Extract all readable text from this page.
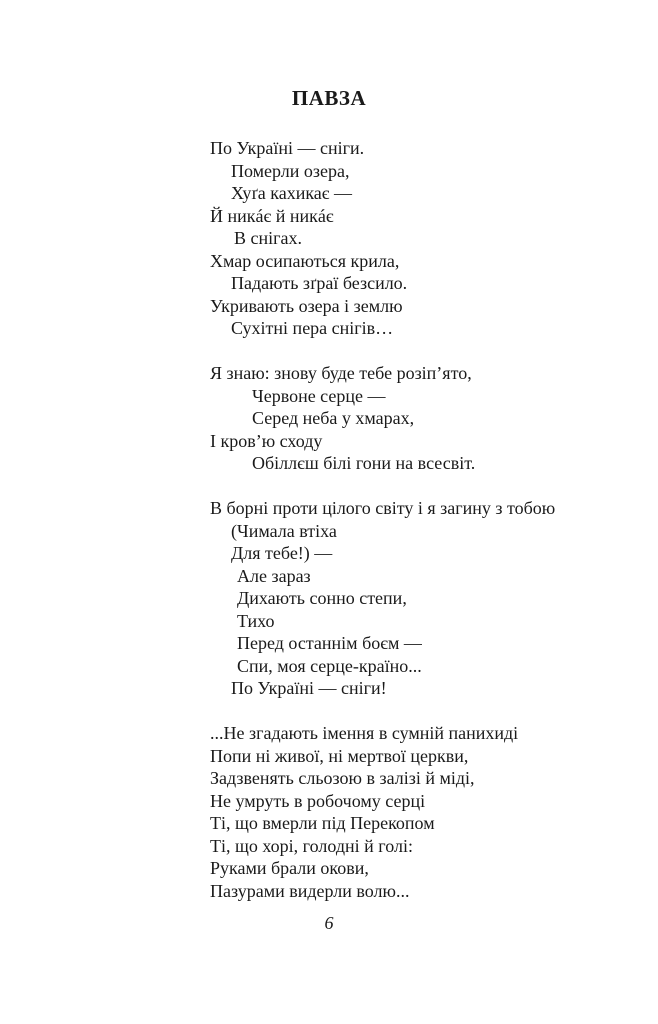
ПАВЗА
По Україні — сніги.
Померли озера,
Хуґа кахикає —
Й никáє й никáє
В снігах.
Хмар осипаються крила,
Падають зґраї безсило.
Укривають озера і землю
Сухітні пера снігів…
Я знаю: знову буде тебе розіп’ято,
Червоне серце —
Серед неба у хмарах,
І кров’ю сходу
Обіллєш білі гони на всесвіт.
В борні проти цілого світу і я загину з тобою
(Чимала втіха
Для тебе!) —
Але зараз
Дихають сонно степи,
Тихо
Перед останнім боєм —
Спи, моя серце-країно...
По Україні — сніги!
...Не згадають імення в сумній панихиді
Попи ні живої, ні мертвої церкви,
Задзвенять сльозою в залізі й міді,
Не умруть в робочому серці
Ті, що вмерли під Перекопом
Ті, що хорі, голодні й голі:
Руками брали окови,
Пазурами видерли волю...
6
